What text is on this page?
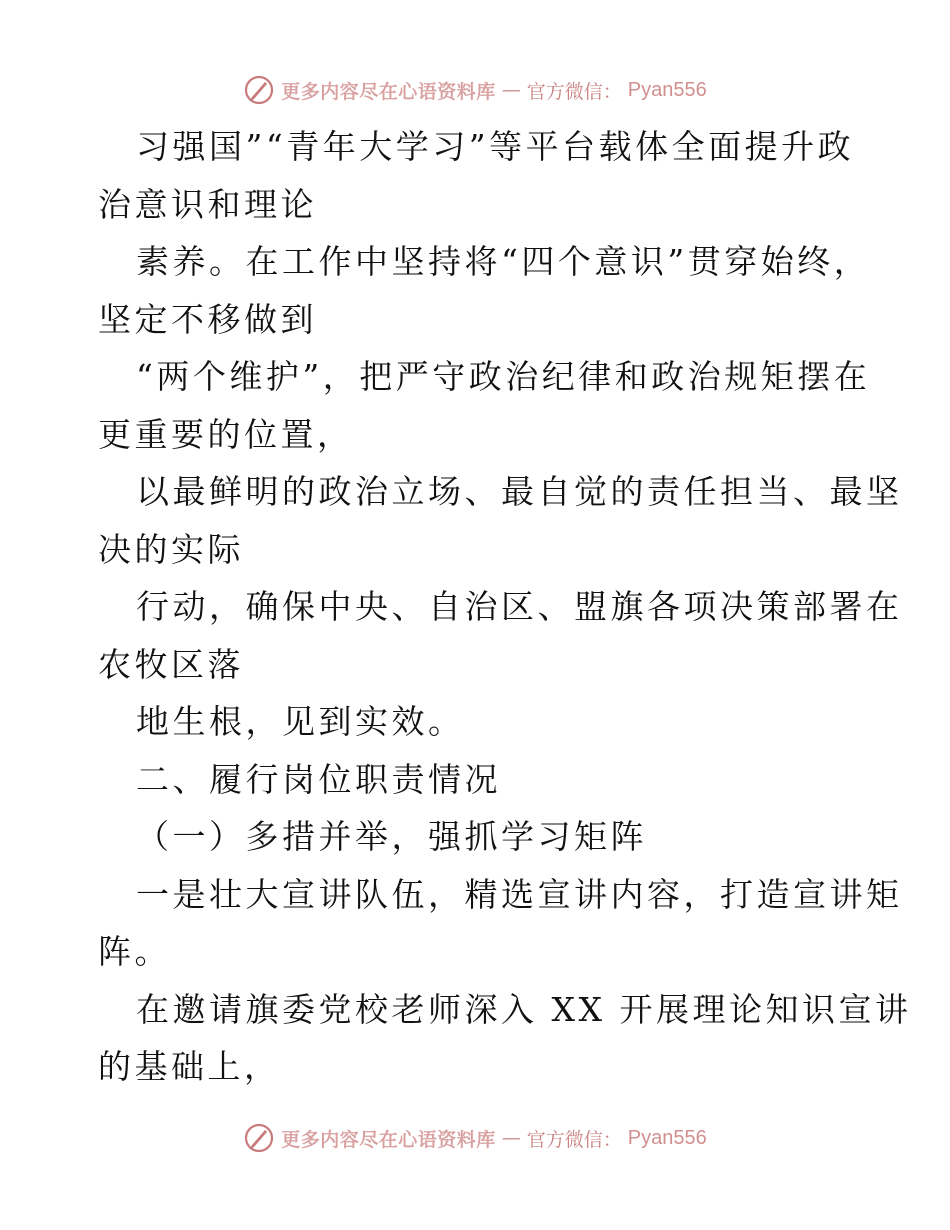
更多内容尽在心语资料库 — 官方微信： Pyan556
习强国”“青年大学习”等平台载体全面提升政
治意识和理论
素养。在工作中坚持将“四个意识”贯穿始终，
坚定不移做到
“两个维护”，把严守政治纪律和政治规矩摆在
更重要的位置，
以最鲜明的政治立场、最自觉的责任担当、最坚
决的实际
行动，确保中央、自治区、盟旗各项决策部署在
农牧区落
地生根，见到实效。
二、履行岗位职责情况
（一）多措并举，强抓学习矩阵
一是壮大宣讲队伍，精选宣讲内容，打造宣讲矩
阵。
在邀请旗委党校老师深入 XX 开展理论知识宣讲
的基础上，
更多内容尽在心语资料库 — 官方微信： Pyan556
